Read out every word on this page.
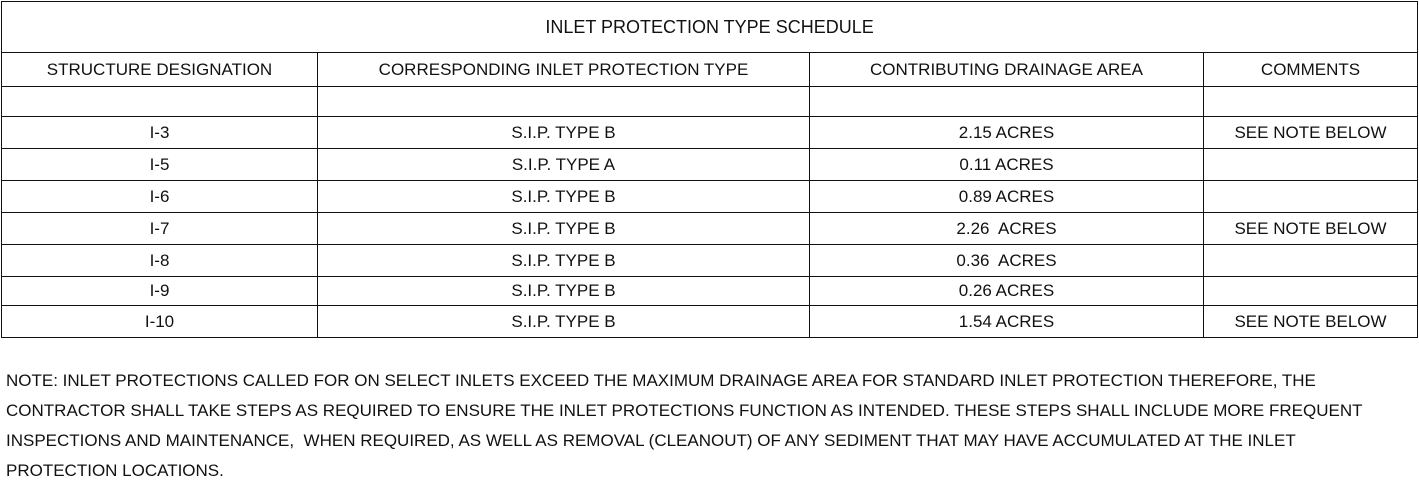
INLET PROTECTION TYPE SCHEDULE			
STRUCTURE DESIGNATION	CORRESPONDING INLET PROTECTION TYPE	CONTRIBUTING DRAINAGE AREA	COMMENTS

I-3	S.I.P. TYPE B	2.15 ACRES	SEE NOTE BELOW
I-5	S.I.P. TYPE A	0.11 ACRES	
I-6	S.I.P. TYPE B	0.89 ACRES	
I-7	S.I.P. TYPE B	2.26  ACRES	SEE NOTE BELOW
I-8	S.I.P. TYPE B	0.36  ACRES	
I-9	S.I.P. TYPE B	0.26 ACRES	
I-10	S.I.P. TYPE B	1.54 ACRES	SEE NOTE BELOW
NOTE: INLET PROTECTIONS CALLED FOR ON SELECT INLETS EXCEED THE MAXIMUM DRAINAGE AREA FOR STANDARD INLET PROTECTION THEREFORE, THE
CONTRACTOR SHALL TAKE STEPS AS REQUIRED TO ENSURE THE INLET PROTECTIONS FUNCTION AS INTENDED. THESE STEPS SHALL INCLUDE MORE FREQUENT
INSPECTIONS AND MAINTENANCE,  WHEN REQUIRED, AS WELL AS REMOVAL (CLEANOUT) OF ANY SEDIMENT THAT MAY HAVE ACCUMULATED AT THE INLET
PROTECTION LOCATIONS.
